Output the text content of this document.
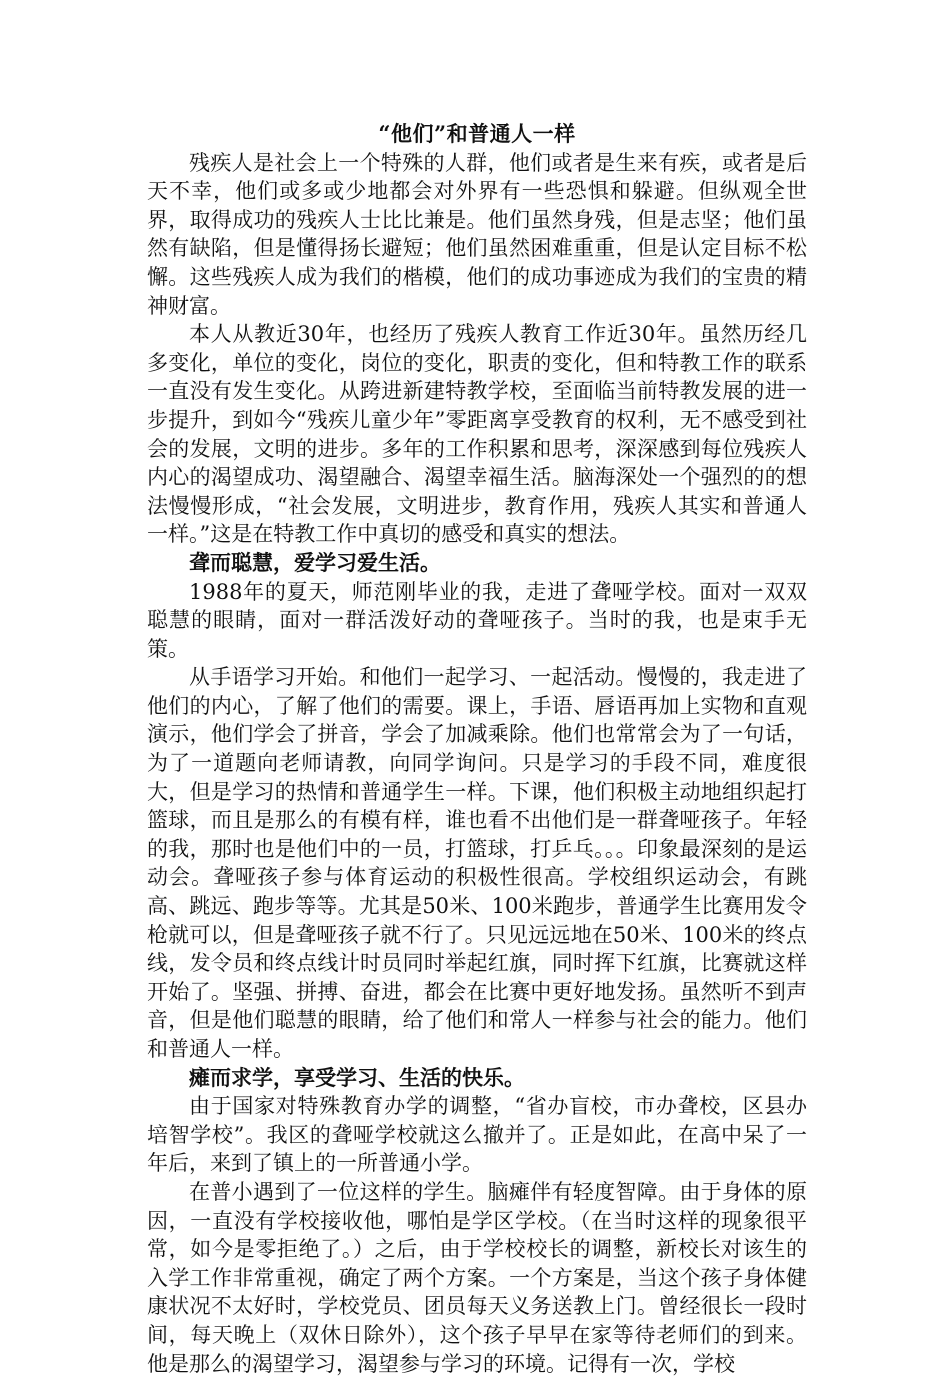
“他们”和普通人一样

残疾人是社会上一个特殊的人群，他们或者是生来有疾，或者是后天不幸，他们或多或少地都会对外界有一些恐惧和躲避。但纵观全世界，取得成功的残疾人士比比兼是。他们虽然身残，但是志坚；他们虽然有缺陷，但是懂得扬长避短；他们虽然困难重重，但是认定目标不松懈。这些残疾人成为我们的楷模，他们的成功事迹成为我们的宝贵的精神财富。

本人从教近30年，也经历了残疾人教育工作近30年。虽然历经几多变化，单位的变化，岗位的变化，职责的变化，但和特教工作的联系一直没有发生变化。从跨进新建特教学校，至面临当前特教发展的进一步提升，到如今“残疾儿童少年”零距离享受教育的权利，无不感受到社会的发展，文明的进步。多年的工作积累和思考，深深感到每位残疾人内心的渴望成功、渴望融合、渴望幸福生活。脑海深处一个强烈的的想法慢慢形成，“社会发展，文明进步，教育作用，残疾人其实和普通人一样。”这是在特教工作中真切的感受和真实的想法。

聋而聪慧，爱学习爱生活。

1988年的夏天，师范刚毕业的我，走进了聋哑学校。面对一双双聪慧的眼睛，面对一群活泼好动的聋哑孩子。当时的我，也是束手无策。

从手语学习开始。和他们一起学习、一起活动。慢慢的，我走进了他们的内心，了解了他们的需要。课上，手语、唇语再加上实物和直观演示，他们学会了拼音，学会了加减乘除。他们也常常会为了一句话，为了一道题向老师请教，向同学询问。只是学习的手段不同，难度很大，但是学习的热情和普通学生一样。下课，他们积极主动地组织起打篮球，而且是那么的有模有样，谁也看不出他们是一群聋哑孩子。年轻的我，那时也是他们中的一员，打篮球，打乒乓。。。印象最深刻的是运动会。聋哑孩子参与体育运动的积极性很高。学校组织运动会，有跳高、跳远、跑步等等。尤其是50米、100米跑步，普通学生比赛用发令枪就可以，但是聋哑孩子就不行了。只见远远地在50米、100米的终点线，发令员和终点线计时员同时举起红旗，同时挥下红旗，比赛就这样开始了。坚强、拼搏、奋进，都会在比赛中更好地发扬。虽然听不到声音，但是他们聪慧的眼睛，给了他们和常人一样参与社会的能力。他们和普通人一样。

瘫而求学，享受学习、生活的快乐。

由于国家对特殊教育办学的调整，“省办盲校，市办聋校，区县办培智学校”。我区的聋哑学校就这么撤并了。正是如此，在高中呆了一年后，来到了镇上的一所普通小学。

在普小遇到了一位这样的学生。脑瘫伴有轻度智障。由于身体的原因，一直没有学校接收他，哪怕是学区学校。（在当时这样的现象很平常，如今是零拒绝了。）之后，由于学校校长的调整，新校长对该生的入学工作非常重视，确定了两个方案。一个方案是，当这个孩子身体健康状况不太好时，学校党员、团员每天义务送教上门。曾经很长一段时间，每天晚上（双休日除外），这个孩子早早在家等待老师们的到来。他是那么的渴望学习，渴望参与学习的环境。记得有一次，学校
